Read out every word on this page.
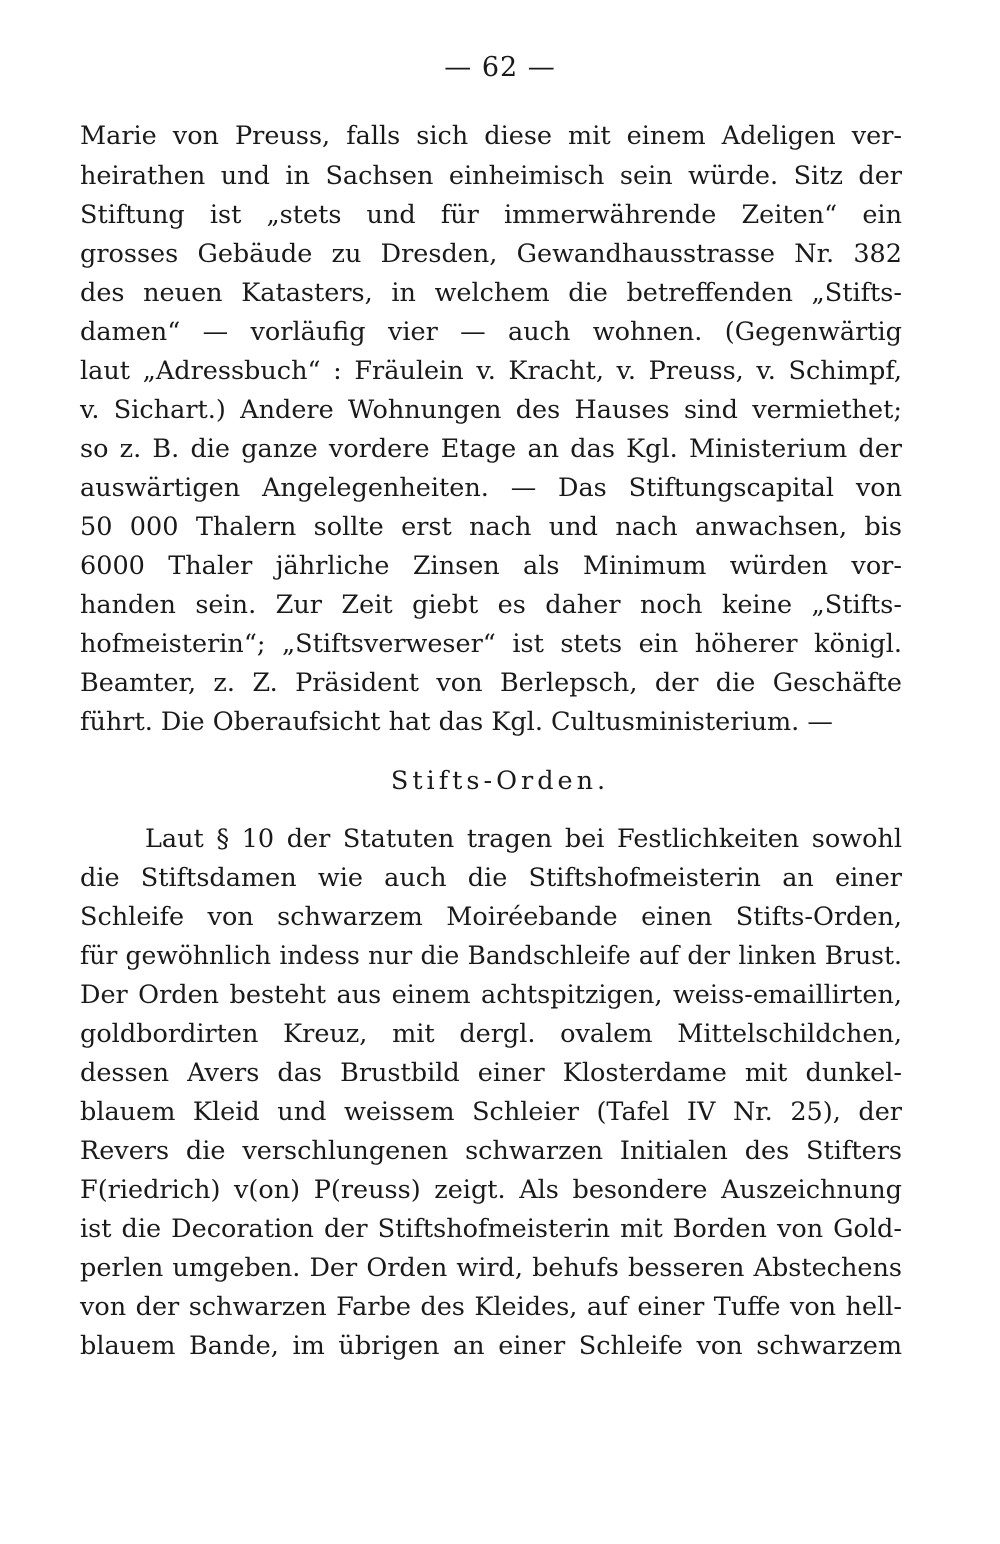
— 62 —
Marie von Preuss, falls sich diese mit einem Adeligen ver-
heirathen und in Sachsen einheimisch sein würde. Sitz der
Stiftung ist „stets und für immerwährende Zeiten“ ein
grosses Gebäude zu Dresden, Gewandhausstrasse Nr. 382
des neuen Katasters, in welchem die betreffenden „Stifts-
damen“ — vorläufig vier — auch wohnen. (Gegenwärtig
laut „Adressbuch“ : Fräulein v. Kracht, v. Preuss, v. Schimpf,
v. Sichart.) Andere Wohnungen des Hauses sind vermiethet;
so z. B. die ganze vordere Etage an das Kgl. Ministerium der
auswärtigen Angelegenheiten. — Das Stiftungscapital von
50 000 Thalern sollte erst nach und nach anwachsen, bis
6000 Thaler jährliche Zinsen als Minimum würden vor-
handen sein. Zur Zeit giebt es daher noch keine „Stifts-
hofmeisterin“; „Stiftsverweser“ ist stets ein höherer königl.
Beamter, z. Z. Präsident von Berlepsch, der die Geschäfte
führt. Die Oberaufsicht hat das Kgl. Cultusministerium. —
Stifts-Orden.
Laut § 10 der Statuten tragen bei Festlichkeiten sowohl
die Stiftsdamen wie auch die Stiftshofmeisterin an einer
Schleife von schwarzem Moiréebande einen Stifts-Orden,
für gewöhnlich indess nur die Bandschleife auf der linken Brust.
Der Orden besteht aus einem achtspitzigen, weiss-emaillirten,
goldbordirten Kreuz, mit dergl. ovalem Mittelschildchen,
dessen Avers das Brustbild einer Klosterdame mit dunkel-
blauem Kleid und weissem Schleier (Tafel IV Nr. 25), der
Revers die verschlungenen schwarzen Initialen des Stifters
F(riedrich) v(on) P(reuss) zeigt. Als besondere Auszeichnung
ist die Decoration der Stiftshofmeisterin mit Borden von Gold-
perlen umgeben. Der Orden wird, behufs besseren Abstechens
von der schwarzen Farbe des Kleides, auf einer Tuffe von hell-
blauem Bande, im übrigen an einer Schleife von schwarzem
